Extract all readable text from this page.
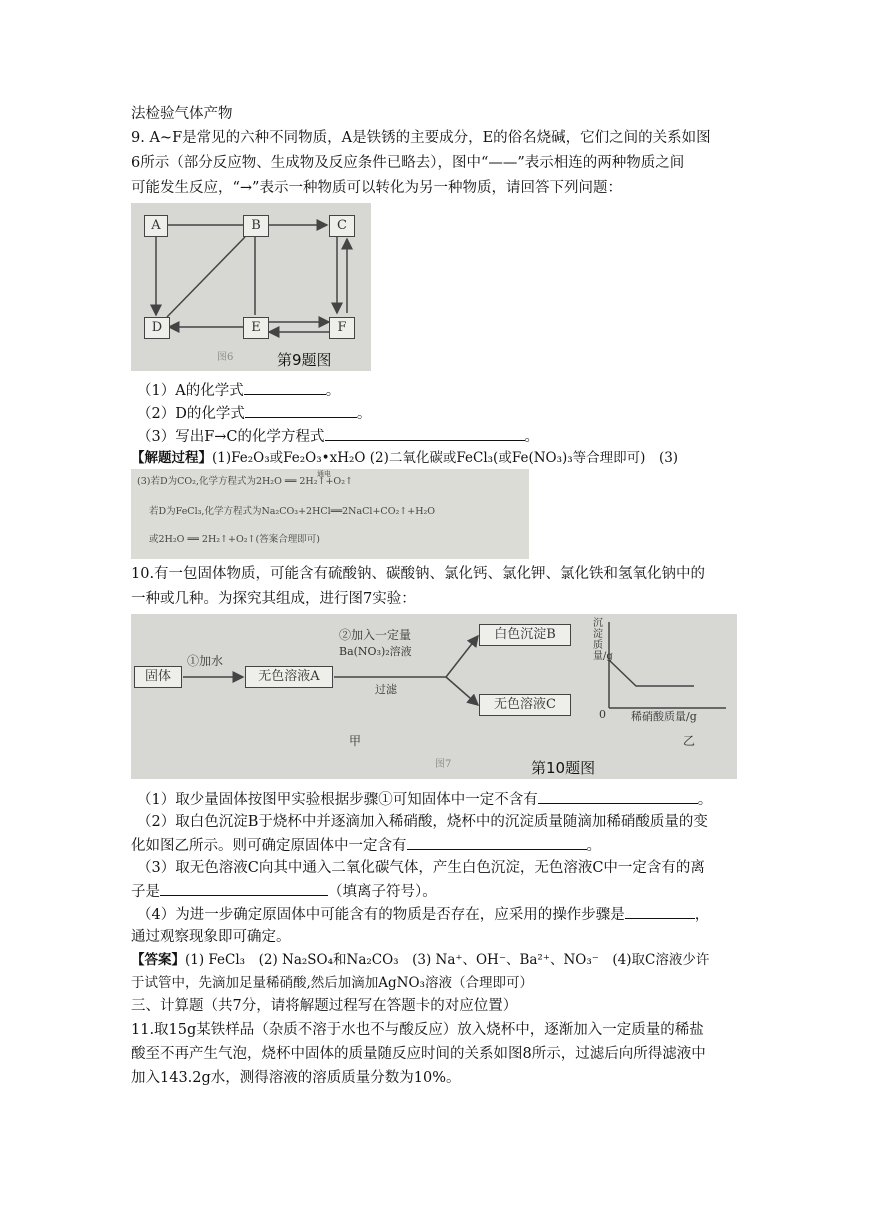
法检验气体产物
9. A~F是常见的六种不同物质，A是铁锈的主要成分，E的俗名烧碱，它们之间的关系如图
6所示（部分反应物、生成物及反应条件已略去），图中“——”表示相连的两种物质之间
可能发生反应，“→”表示一种物质可以转化为另一种物质，请回答下列问题：
A	B	C
D	E	F
图6	第9题图
（1）A的化学式	。
（2）D的化学式	。
（3）写出F→C的化学方程式	。
【解题过程】(1)Fe₂O₃或Fe₂O₃•xH₂O (2)二氧化碳或FeCl₃(或Fe(NO₃)₃等合理即可)　(3)
(3)若D为CO₂,化学方程式为2H₂O ══ 2H₂↑+O₂↑
若D为FeCl₃,化学方程式为Na₂CO₃+2HCl══2NaCl+CO₂↑+H₂O
或2H₂O ══ 2H₂↑+O₂↑(答案合理即可)
通电
10.有一包固体物质，可能含有硫酸钠、碳酸钠、氯化钙、氯化钾、氯化铁和氢氧化钠中的
一种或几种。为探究其组成，进行图7实验：
固体
①加水
无色溶液A
②加入一定量
Ba(NO₃)₂溶液
过滤
白色沉淀B
无色溶液C
沉淀质量/g
0 稀硝酸质量/g
甲	乙
图7	第10题图
（1）取少量固体按图甲实验根据步骤①可知固体中一定不含有	。
（2）取白色沉淀B于烧杯中并逐滴加入稀硝酸，烧杯中的沉淀质量随滴加稀硝酸质量的变
化如图乙所示。则可确定原固体中一定含有	。
（3）取无色溶液C向其中通入二氧化碳气体，产生白色沉淀，无色溶液C中一定含有的离
子是	（填离子符号）。
（4）为进一步确定原固体中可能含有的物质是否存在，应采用的操作步骤是	，
通过观察现象即可确定。
【答案】(1) FeCl₃　(2) Na₂SO₄和Na₂CO₃　(3) Na⁺、OH⁻、Ba²⁺、NO₃⁻　(4)取C溶液少许
于试管中，先滴加足量稀硝酸,然后加滴加AgNO₃溶液（合理即可）
三、计算题（共7分，请将解题过程写在答题卡的对应位置）
11.取15g某铁样品（杂质不溶于水也不与酸反应）放入烧杯中，逐渐加入一定质量的稀盐
酸至不再产生气泡，烧杯中固体的质量随反应时间的关系如图8所示，过滤后向所得滤液中
加入143.2g水，测得溶液的溶质质量分数为10%。
